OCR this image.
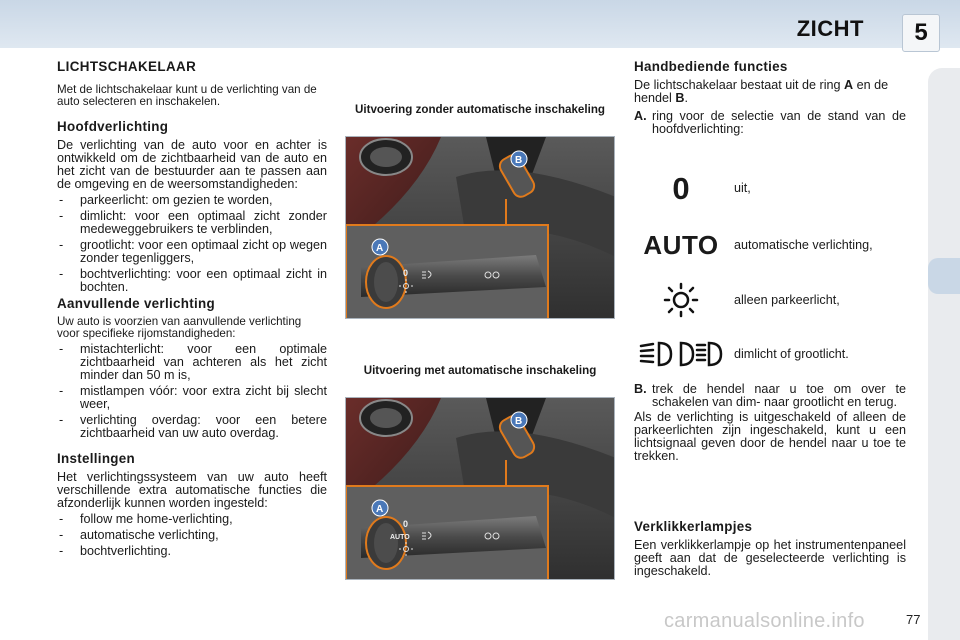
ZICHT	5
LICHTSCHAKELAAR

Met de lichtschakelaar kunt u de verlichting van de auto selecteren en inschakelen.

Hoofdverlichting

De verlichting van de auto voor en achter is ontwikkeld om de zichtbaarheid van de auto en het zicht van de bestuurder aan te passen aan de omgeving en de weersomstandigheden:

- parkeerlicht: om gezien te worden,
- dimlicht: voor een optimaal zicht zonder medeweggebruikers te verblinden,
- grootlicht: voor een optimaal zicht op wegen zonder tegenliggers,
- bochtverlichting: voor een optimaal zicht in bochten.
Aanvullende verlichting

Uw auto is voorzien van aanvullende verlichting voor specifieke rijomstandigheden:

- mistachterlicht: voor een optimale zichtbaarheid van achteren als het zicht minder dan 50 m is,
- mistlampen vóór: voor extra zicht bij slecht weer,
- verlichting overdag: voor een betere zichtbaarheid van uw auto overdag.
Instellingen

Het verlichtingssysteem van uw auto heeft verschillende extra automatische functies die afzonderlijk kunnen worden ingesteld:

- follow me home-verlichting,
- automatische verlichting,
- bochtverlichting.
Uitvoering zonder automatische inschakeling
0
A
B
Uitvoering met automatische inschakeling
0
AUTO
A
B
Handbediende functies

De lichtschakelaar bestaat uit de ring A en de hendel B.

A. ring voor de selectie van de stand van de hoofdverlichting:

0	uit,
AUTO automatische verlichting,
alleen parkeerlicht,
dimlicht of grootlicht.

B. trek de hendel naar u toe om over te schakelen van dim- naar grootlicht en terug.

Als de verlichting is uitgeschakeld of alleen de parkeerlichten zijn ingeschakeld, kunt u een lichtsignaal geven door de hendel naar u toe te trekken.

Verklikkerlampjes

Een verklikkerlampje op het instrumentenpaneel geeft aan dat de geselecteerde verlichting is ingeschakeld.

carmanualsonline.info	77
